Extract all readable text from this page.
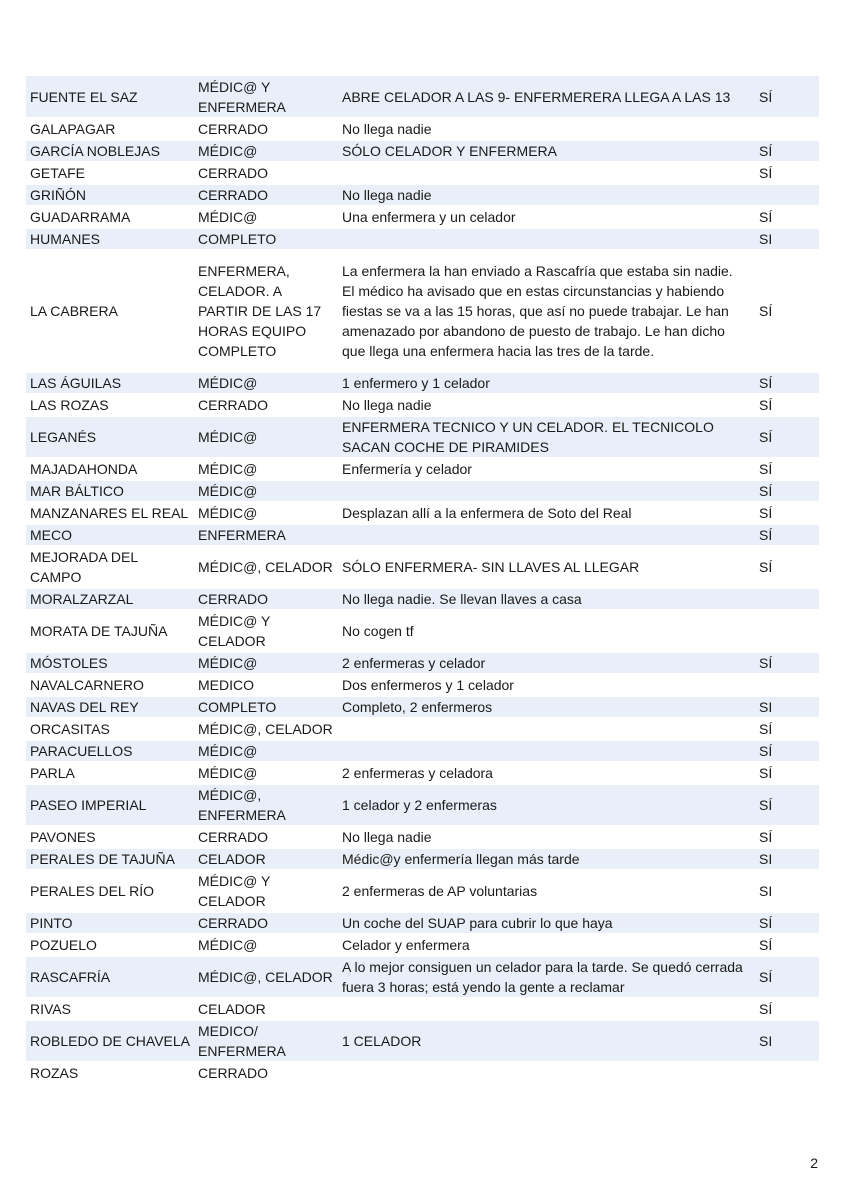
FUENTE EL SAZ	MÉDIC@ Y ENFERMERA	ABRE CELADOR A LAS 9- ENFERMERERA LLEGA A LAS 13	SÍ
GALAPAGAR	CERRADO	No llega nadie	
GARCÍA NOBLEJAS	MÉDIC@	SÓLO CELADOR Y ENFERMERA	SÍ
GETAFE	CERRADO		SÍ
GRIÑÓN	CERRADO	No llega nadie	
GUADARRAMA	MÉDIC@	Una enfermera y un celador	SÍ
HUMANES	COMPLETO		SI
LA CABRERA	ENFERMERA, CELADOR. A PARTIR DE LAS 17 HORAS EQUIPO COMPLETO	La enfermera la han enviado a Rascafría que estaba sin nadie. El médico ha avisado que en estas circunstancias y habiendo fiestas se va a las 15 horas, que así no puede trabajar. Le han amenazado por abandono de puesto de trabajo. Le han dicho que llega una enfermera hacia las tres de la tarde.	SÍ
LAS ÁGUILAS	MÉDIC@	1 enfermero y 1 celador	SÍ
LAS ROZAS	CERRADO	No llega nadie	SÍ
LEGANÉS	MÉDIC@	ENFERMERA TECNICO Y UN CELADOR. EL TECNICOLO SACAN COCHE DE PIRAMIDES	SÍ
MAJADAHONDA	MÉDIC@	Enfermería y celador	SÍ
MAR BÁLTICO	MÉDIC@		SÍ
MANZANARES EL REAL	MÉDIC@	Desplazan allí a la enfermera de Soto del Real	SÍ
MECO	ENFERMERA		SÍ
MEJORADA DEL CAMPO	MÉDIC@, CELADOR	SÓLO ENFERMERA- SIN LLAVES AL LLEGAR	SÍ
MORALZARZAL	CERRADO	No llega nadie. Se llevan llaves a casa	
MORATA DE TAJUÑA	MÉDIC@ Y CELADOR	No cogen tf	
MÓSTOLES	MÉDIC@	2 enfermeras y celador	SÍ
NAVALCARNERO	MEDICO	Dos enfermeros y 1 celador	
NAVAS DEL REY	COMPLETO	Completo, 2 enfermeros	SI
ORCASITAS	MÉDIC@, CELADOR		SÍ
PARACUELLOS	MÉDIC@		SÍ
PARLA	MÉDIC@	2 enfermeras y celadora	SÍ
PASEO IMPERIAL	MÉDIC@, ENFERMERA	1 celador y 2 enfermeras	SÍ
PAVONES	CERRADO	No llega nadie	SÍ
PERALES DE TAJUÑA	CELADOR	Médic@y enfermería llegan más tarde	SI
PERALES DEL RÍO	MÉDIC@ Y CELADOR	2 enfermeras de AP voluntarias	SI
PINTO	CERRADO	Un coche del SUAP para cubrir lo que haya	SÍ
POZUELO	MÉDIC@	Celador y enfermera	SÍ
RASCAFRÍA	MÉDIC@, CELADOR	A lo mejor consiguen un celador para la tarde. Se quedó cerrada fuera 3 horas; está yendo la gente a reclamar	SÍ
RIVAS	CELADOR		SÍ
ROBLEDO DE CHAVELA	MEDICO/ ENFERMERA	1 CELADOR	SI
ROZAS	CERRADO		
2
